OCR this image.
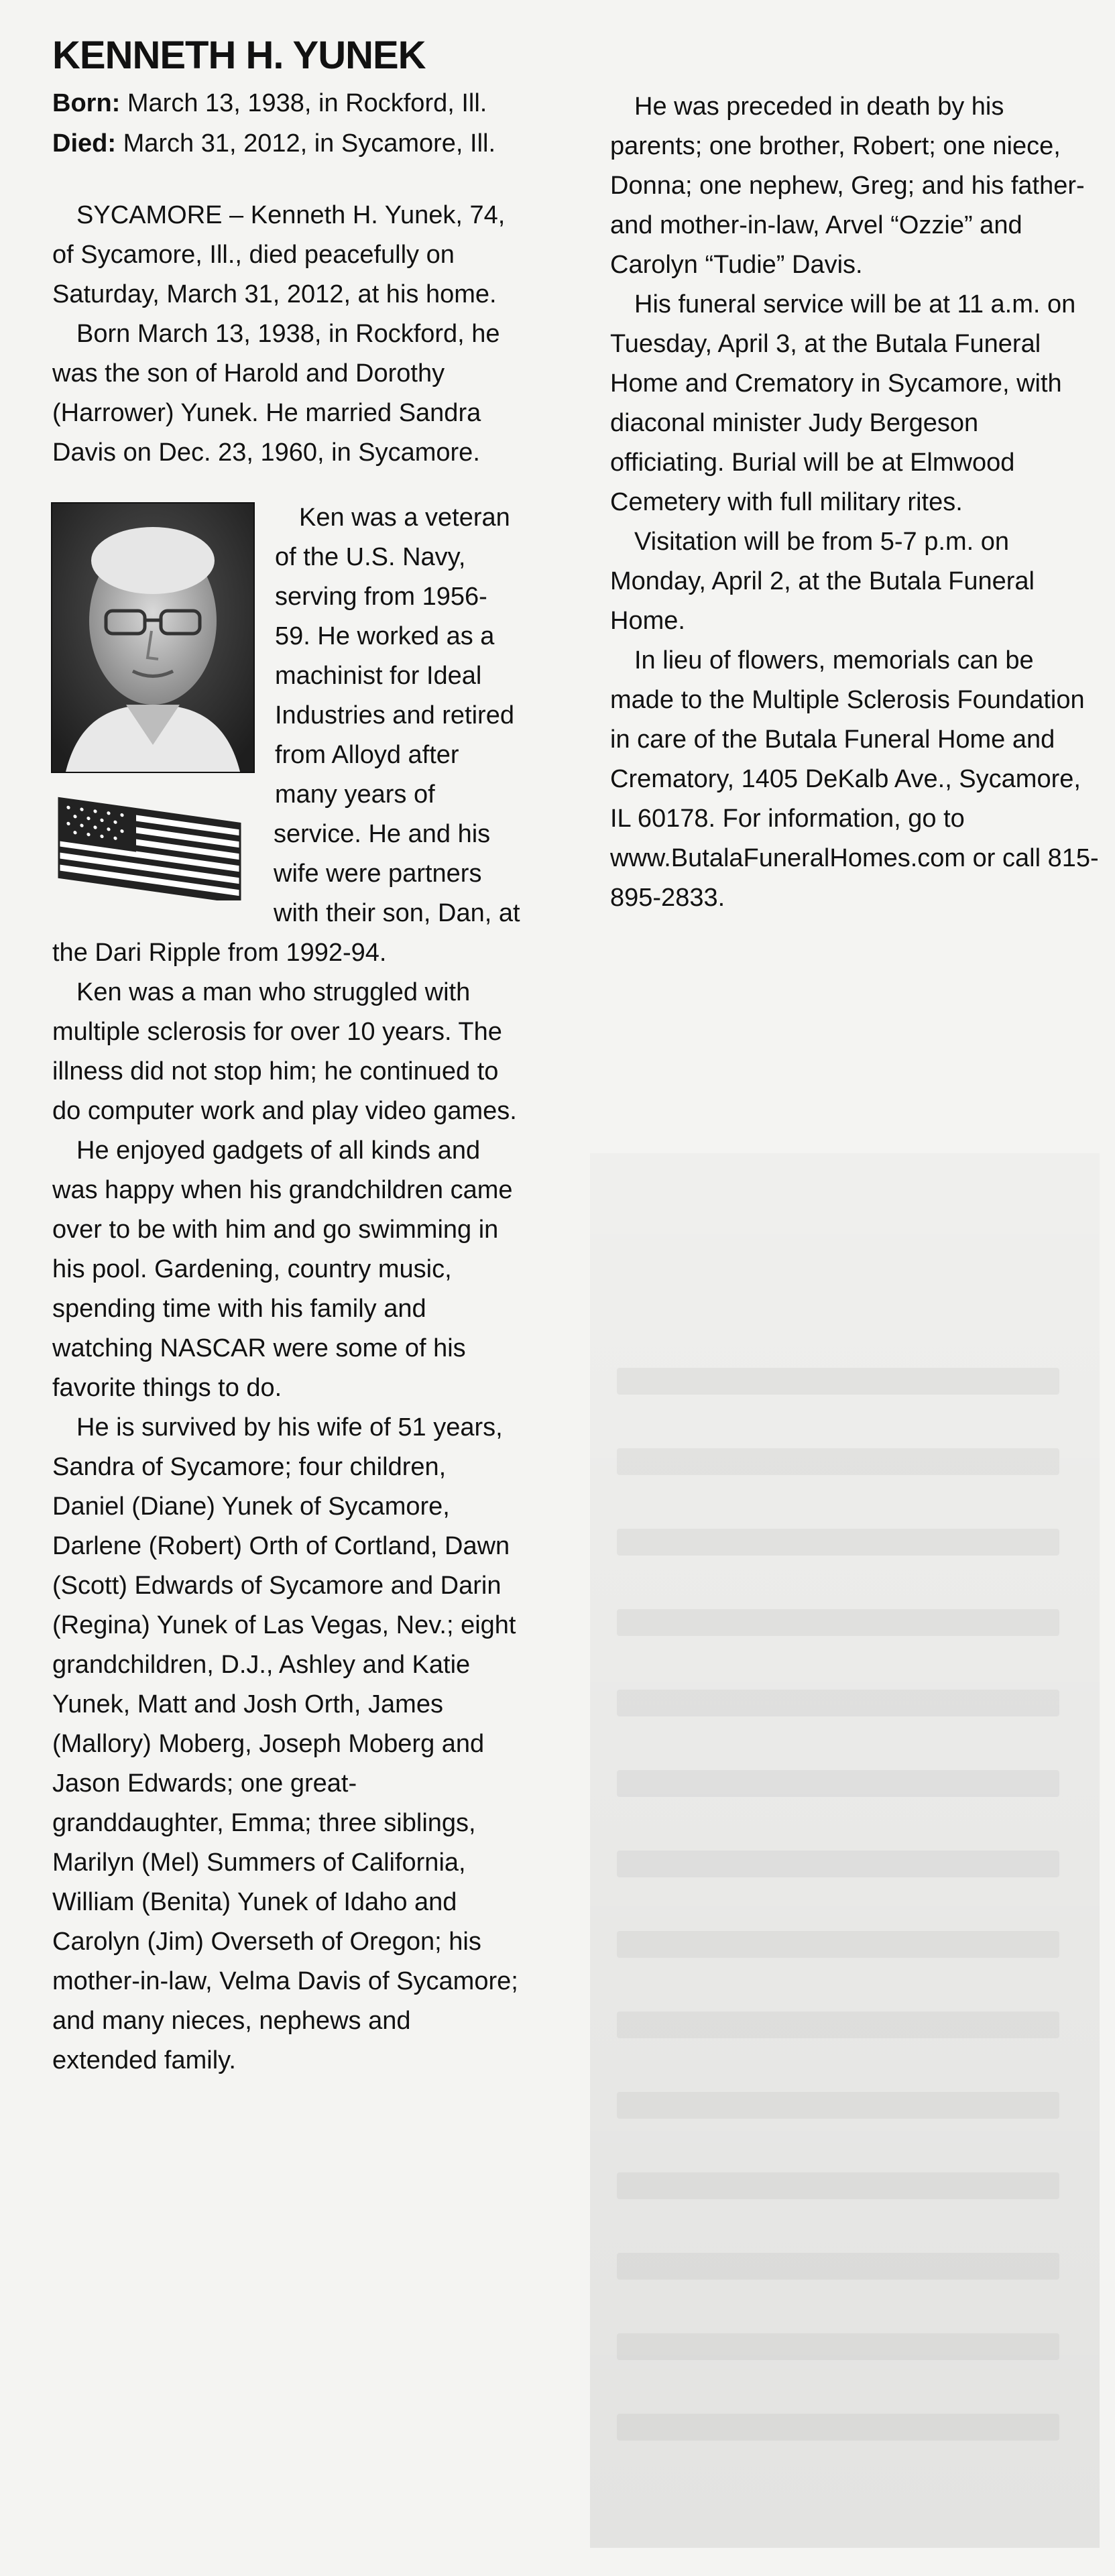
KENNETH H. YUNEK

Born: March 13, 1938, in Rockford, Ill.

Died: March 31, 2012, in Sycamore, Ill.

SYCAMORE – Kenneth H. Yunek, 74, of Sycamore, Ill., died peacefully on Saturday, March 31, 2012, at his home.

Born March 13, 1938, in Rockford, he was the son of Harold and Dorothy (Harrower) Yunek. He married Sandra Davis on Dec. 23, 1960, in Sycamore.

Ken was a veteran of the U.S. Navy, serving from 1956-59. He worked as a machinist for Ideal Industries and retired from Alloyd after many years of service. He and his wife were partners with their son, Dan, at the Dari Ripple from 1992-94.

Ken was a man who struggled with multiple sclerosis for over 10 years. The illness did not stop him; he continued to do computer work and play video games.

He enjoyed gadgets of all kinds and was happy when his grandchildren came over to be with him and go swimming in his pool. Gardening, country music, spending time with his family and watching NASCAR were some of his favorite things to do.

He is survived by his wife of 51 years, Sandra of Sycamore; four children, Daniel (Diane) Yunek of Sycamore, Darlene (Robert) Orth of Cortland, Dawn (Scott) Edwards of Sycamore and Darin (Regina) Yunek of Las Vegas, Nev.; eight grandchildren, D.J., Ashley and Katie Yunek, Matt and Josh Orth, James (Mallory) Moberg, Joseph Moberg and Jason Edwards; one great-granddaughter, Emma; three siblings, Marilyn (Mel) Summers of California, William (Benita) Yunek of Idaho and Carolyn (Jim) Overseth of Oregon; his mother-in-law, Velma Davis of Sycamore; and many nieces, nephews and extended family.

He was preceded in death by his parents; one brother, Robert; one niece, Donna; one nephew, Greg; and his father- and mother-in-law, Arvel “Ozzie” and Carolyn “Tudie” Davis.

His funeral service will be at 11 a.m. on Tuesday, April 3, at the Butala Funeral Home and Crematory in Sycamore, with diaconal minister Judy Bergeson officiating. Burial will be at Elmwood Cemetery with full military rites.

Visitation will be from 5-7 p.m. on Monday, April 2, at the Butala Funeral Home.

In lieu of flowers, memorials can be made to the Multiple Sclerosis Foundation in care of the Butala Funeral Home and Crematory, 1405 DeKalb Ave., Sycamore, IL 60178. For information, go to www.ButalaFuneralHomes.com or call 815-895-2833.
